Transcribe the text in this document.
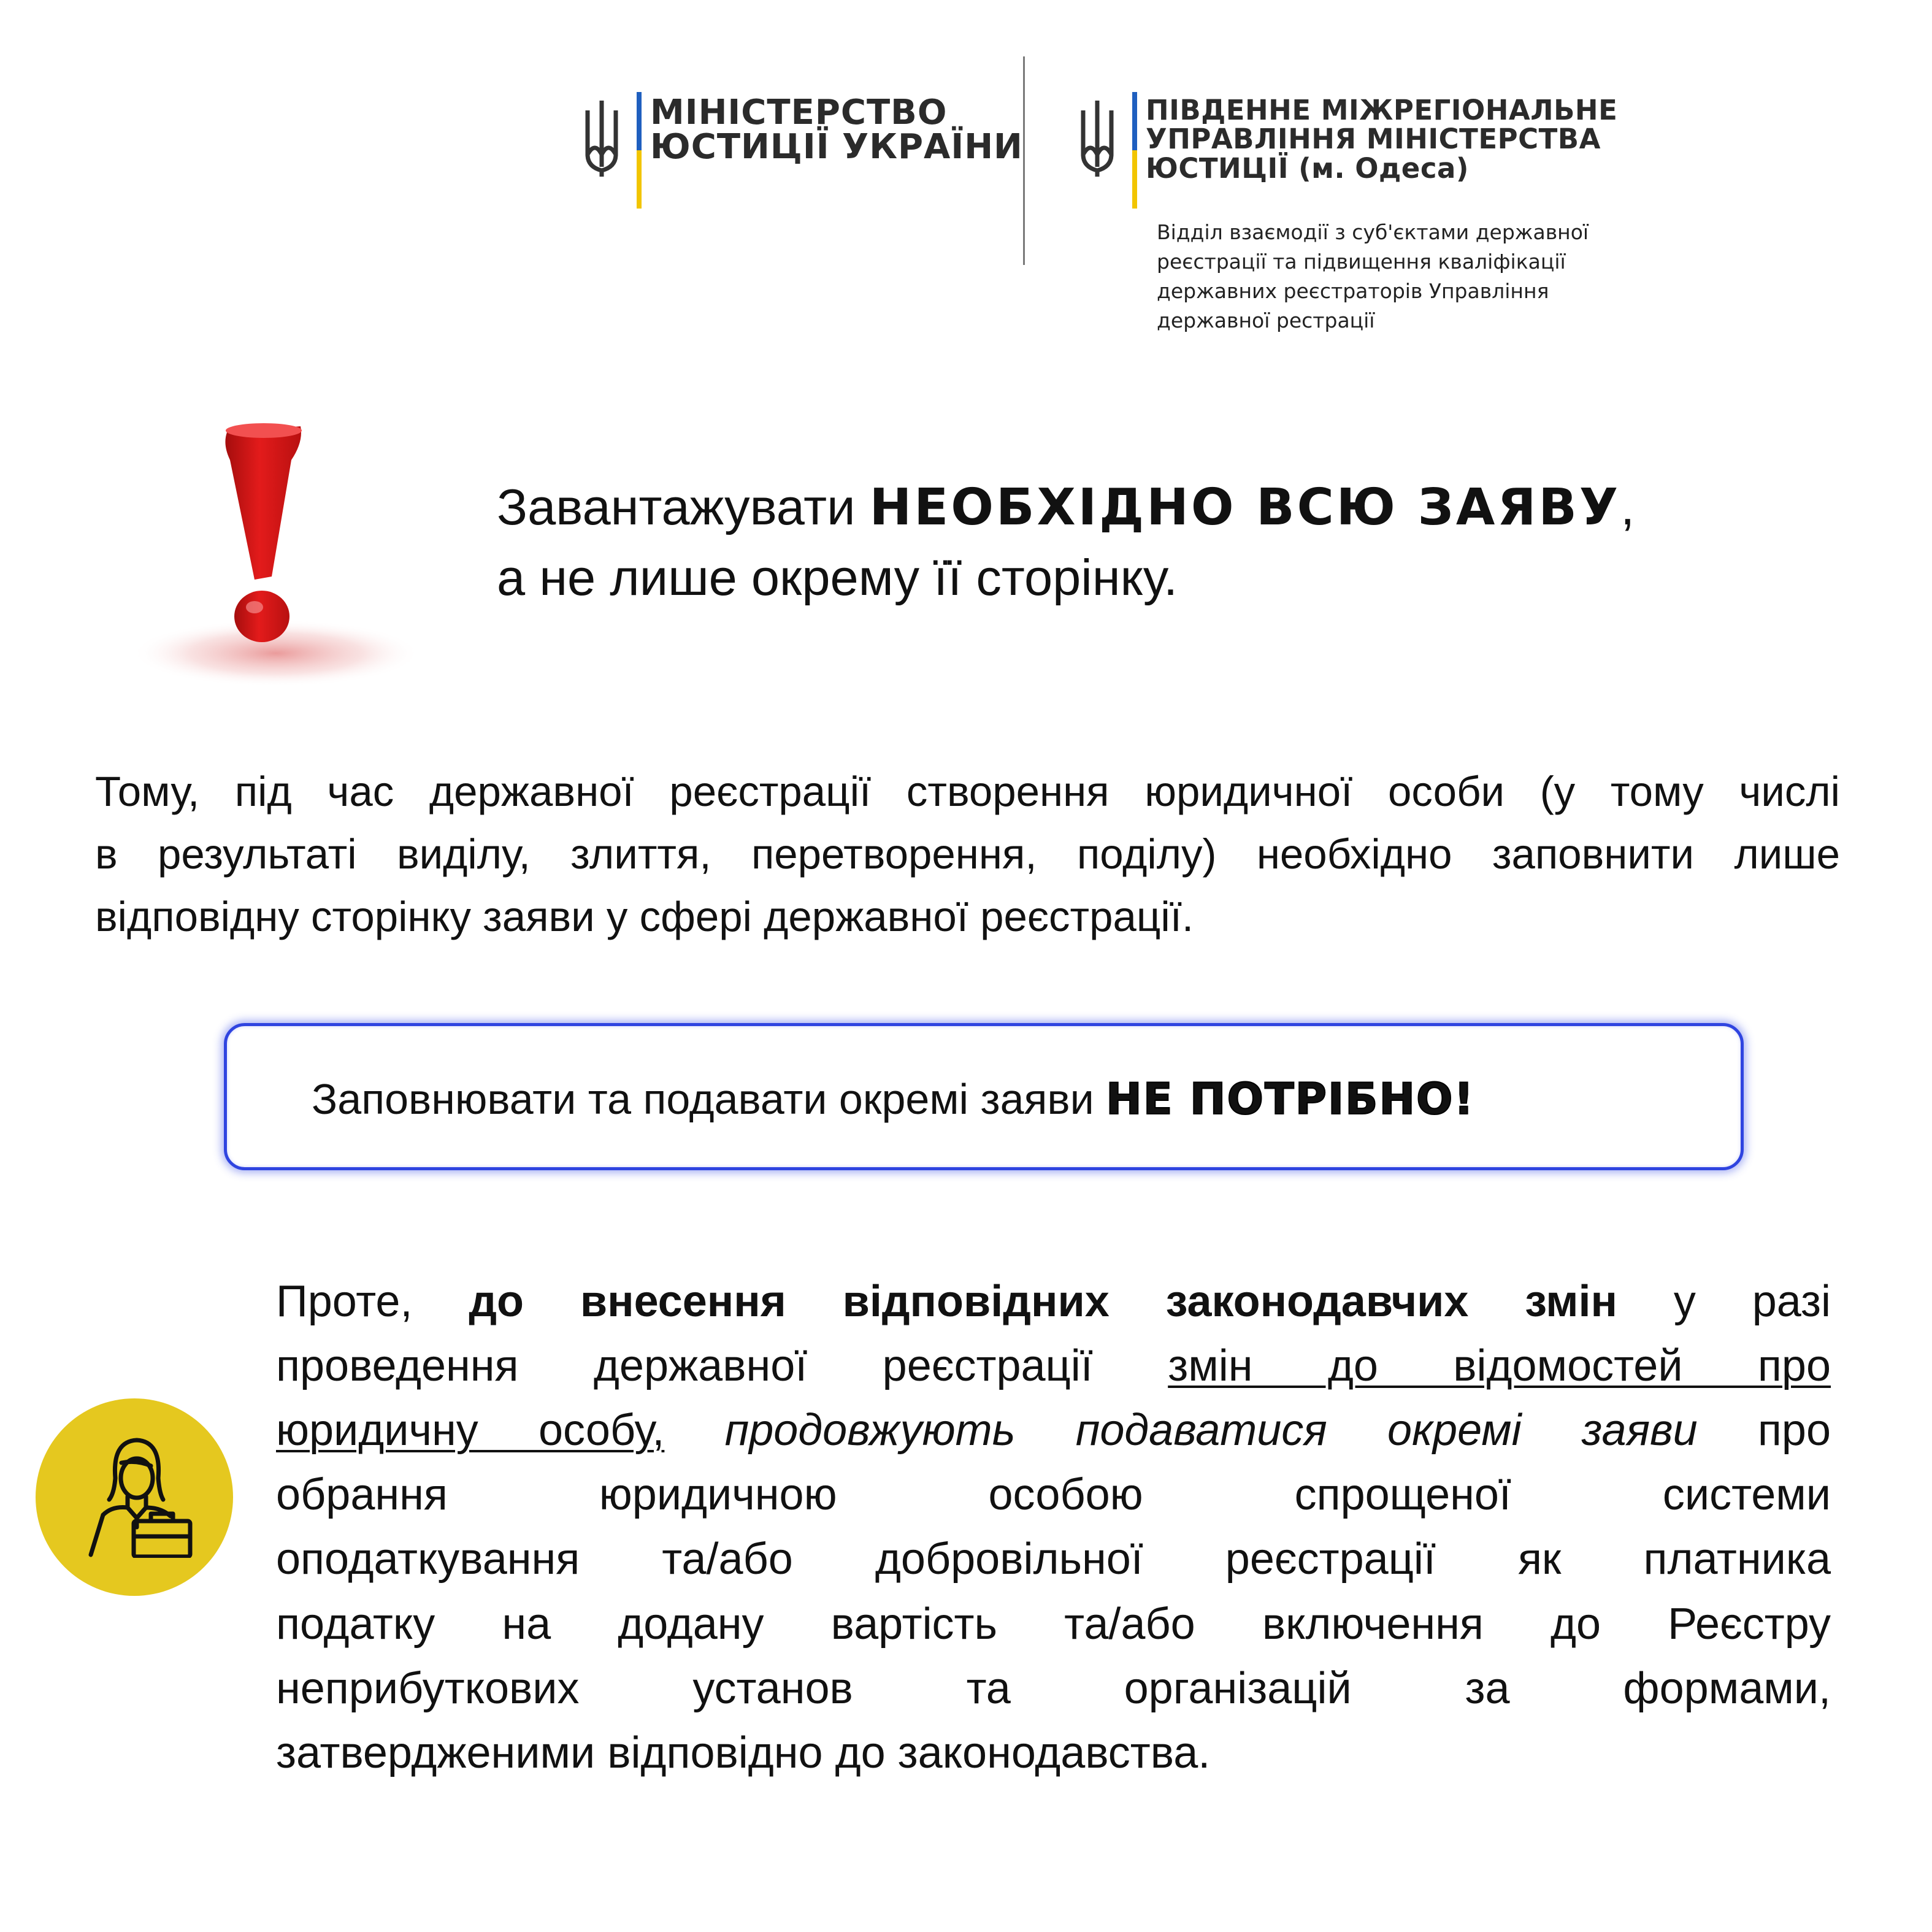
МІНІСТЕРСТВО
ЮСТИЦІЇ УКРАЇНИ
ПІВДЕННЕ МІЖРЕГІОНАЛЬНЕ
УПРАВЛІННЯ МІНІСТЕРСТВА
ЮСТИЦІЇ (м. Одеса)
Відділ взаємодії з суб'єктами державної
реєстрації та підвищення кваліфікації
державних реєстраторів Управління
державної рестрації
Завантажувати НЕОБХІДНО ВСЮ ЗАЯВУ,
а не лише окрему її сторінку.
Тому, під час державної реєстрації створення юридичної особи (у тому числі
в результаті виділу, злиття, перетворення, поділу) необхідно заповнити лише
відповідну сторінку заяви у сфері державної реєстрації.
Заповнювати та подавати окремі заяви НЕ ПОТРІБНО!
Проте, до внесення відповідних законодавчих змін у разі
проведення державної реєстрації змін до відомостей про
юридичну особу, продовжують подаватися окремі заяви про
обрання юридичною особою спрощеної системи
оподаткування та/або добровільної реєстрації як платника
податку на додану вартість та/або включення до Реєстру
неприбуткових установ та організацій за формами,
затвердженими відповідно до законодавства.
